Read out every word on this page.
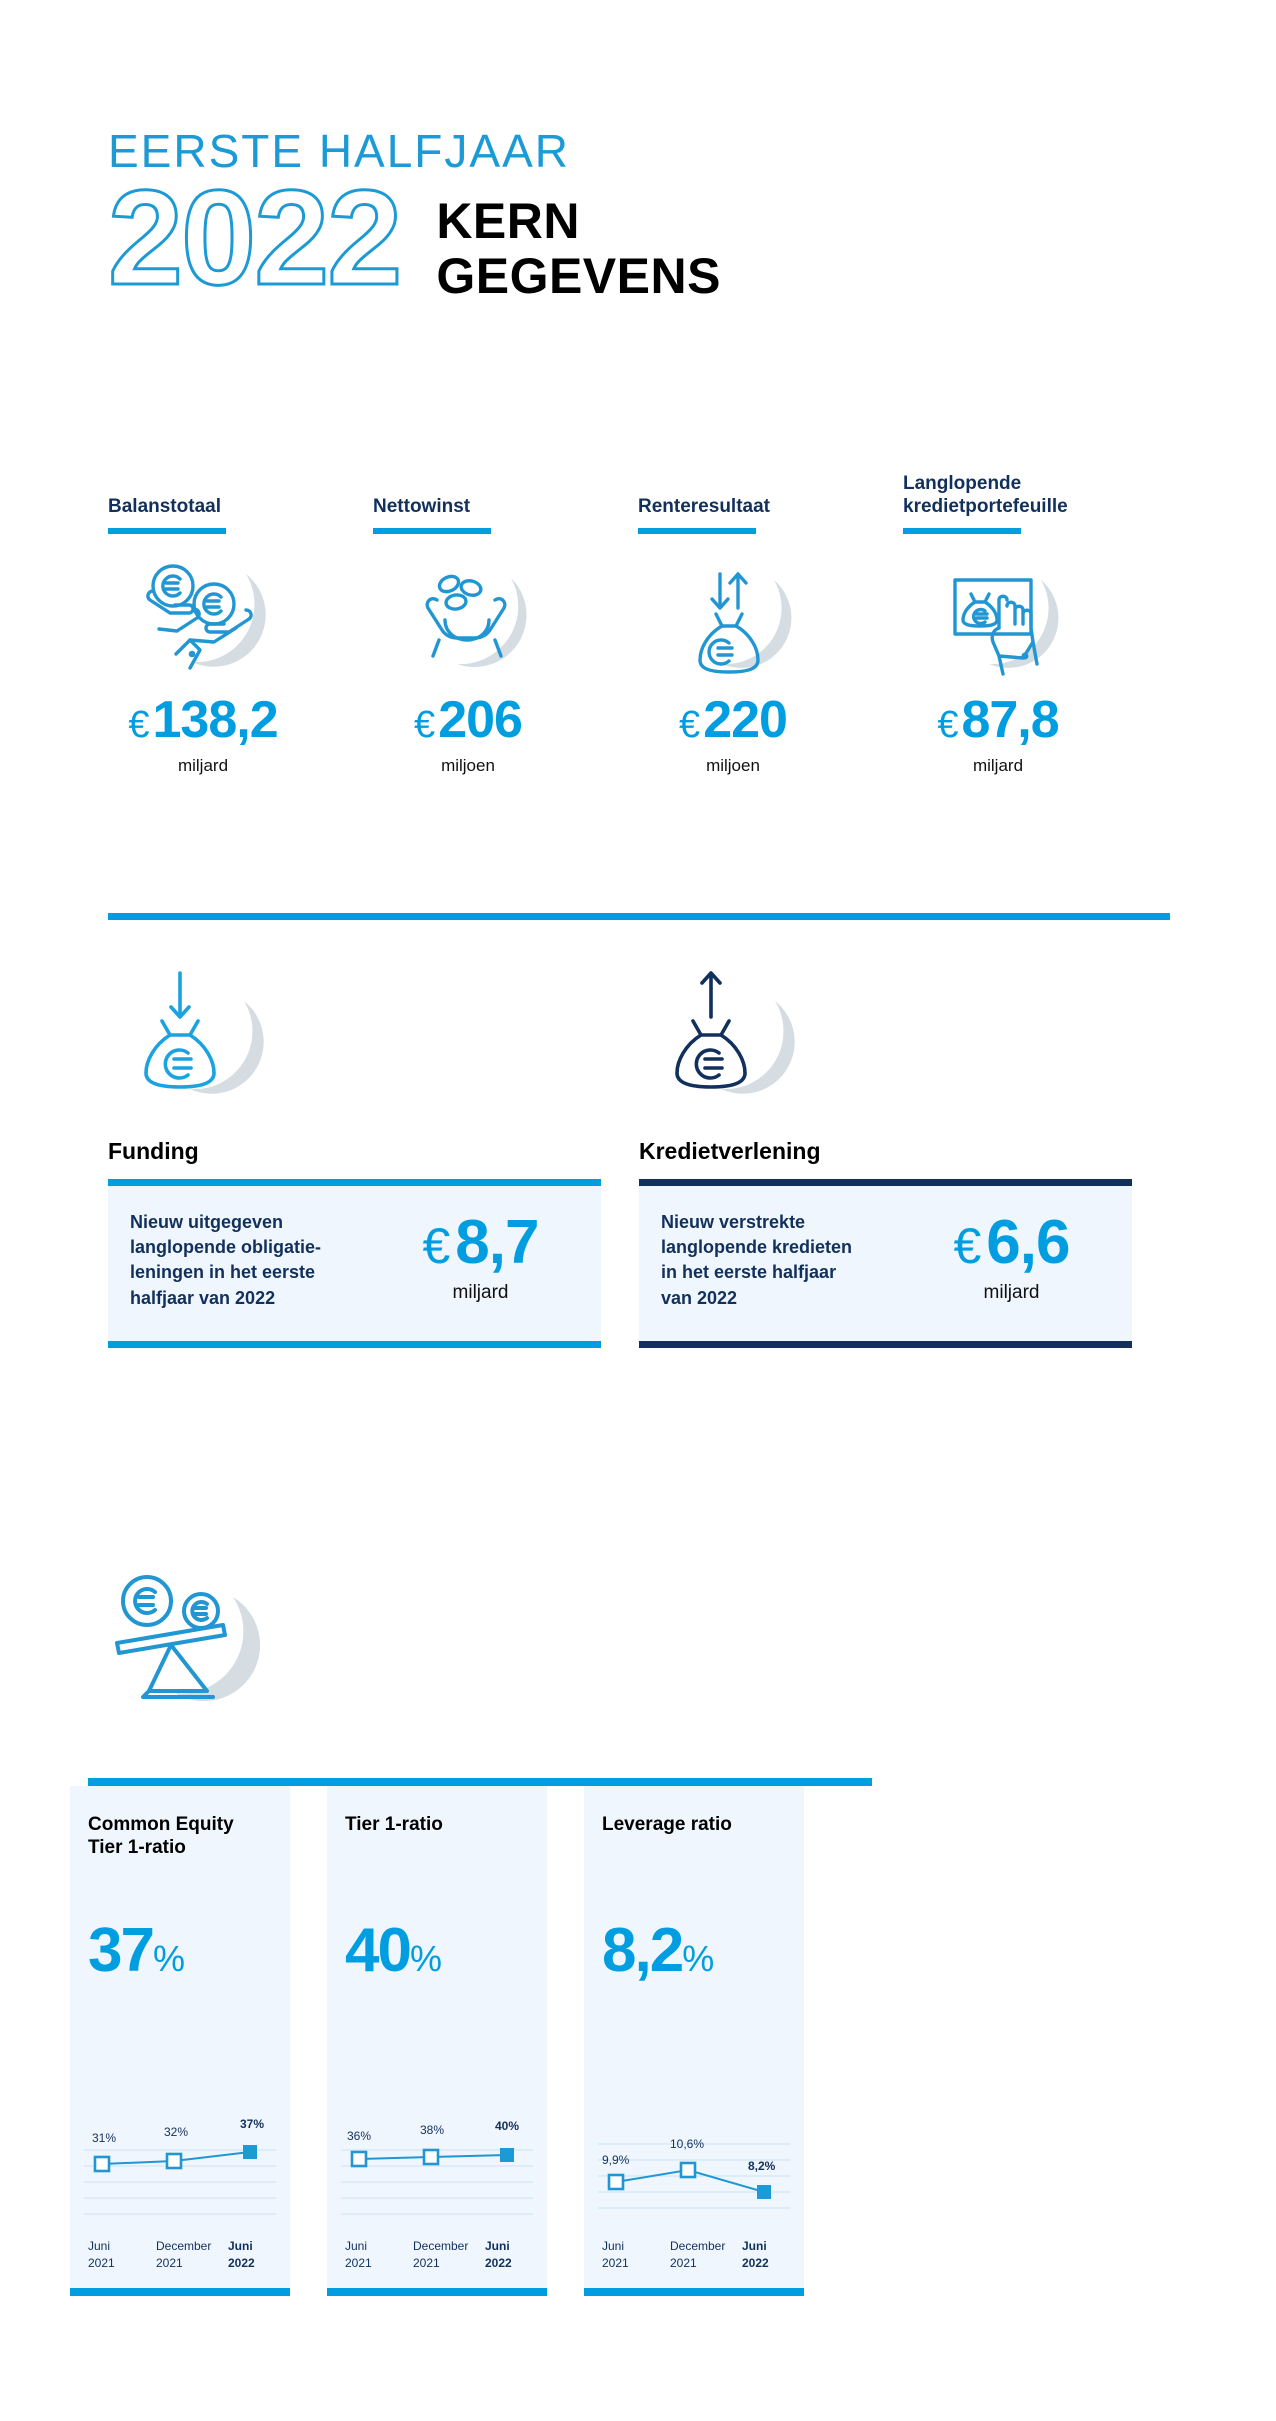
EERSTE HALFJAAR
2022 KERN
GEGEVENS
Balanstotaal
€138,2
miljard
Nettowinst
€206
miljoen
Renteresultaat
€220
miljoen
Langlopende
kredietportefeuille
€87,8
miljard
Funding	Kredietverlening
Nieuw uitgegeven
langlopende obligatie-
leningen in het eerste
halfjaar van 2022
€8,7
miljard
Nieuw verstrekte
langlopende kredieten
in het eerste halfjaar
van 2022
€6,6
miljard
Common Equity
Tier 1-ratio
37%
31%	32%
37%
Juni
2021
December
2021
Juni
2022
Tier 1-ratio
40%
36%	38%	40%
Juni
2021
December
2021
Juni
2022
Leverage ratio
8,2%
9,9%
10,6%
8,2%
Juni
2021
December
2021
Juni
2022
